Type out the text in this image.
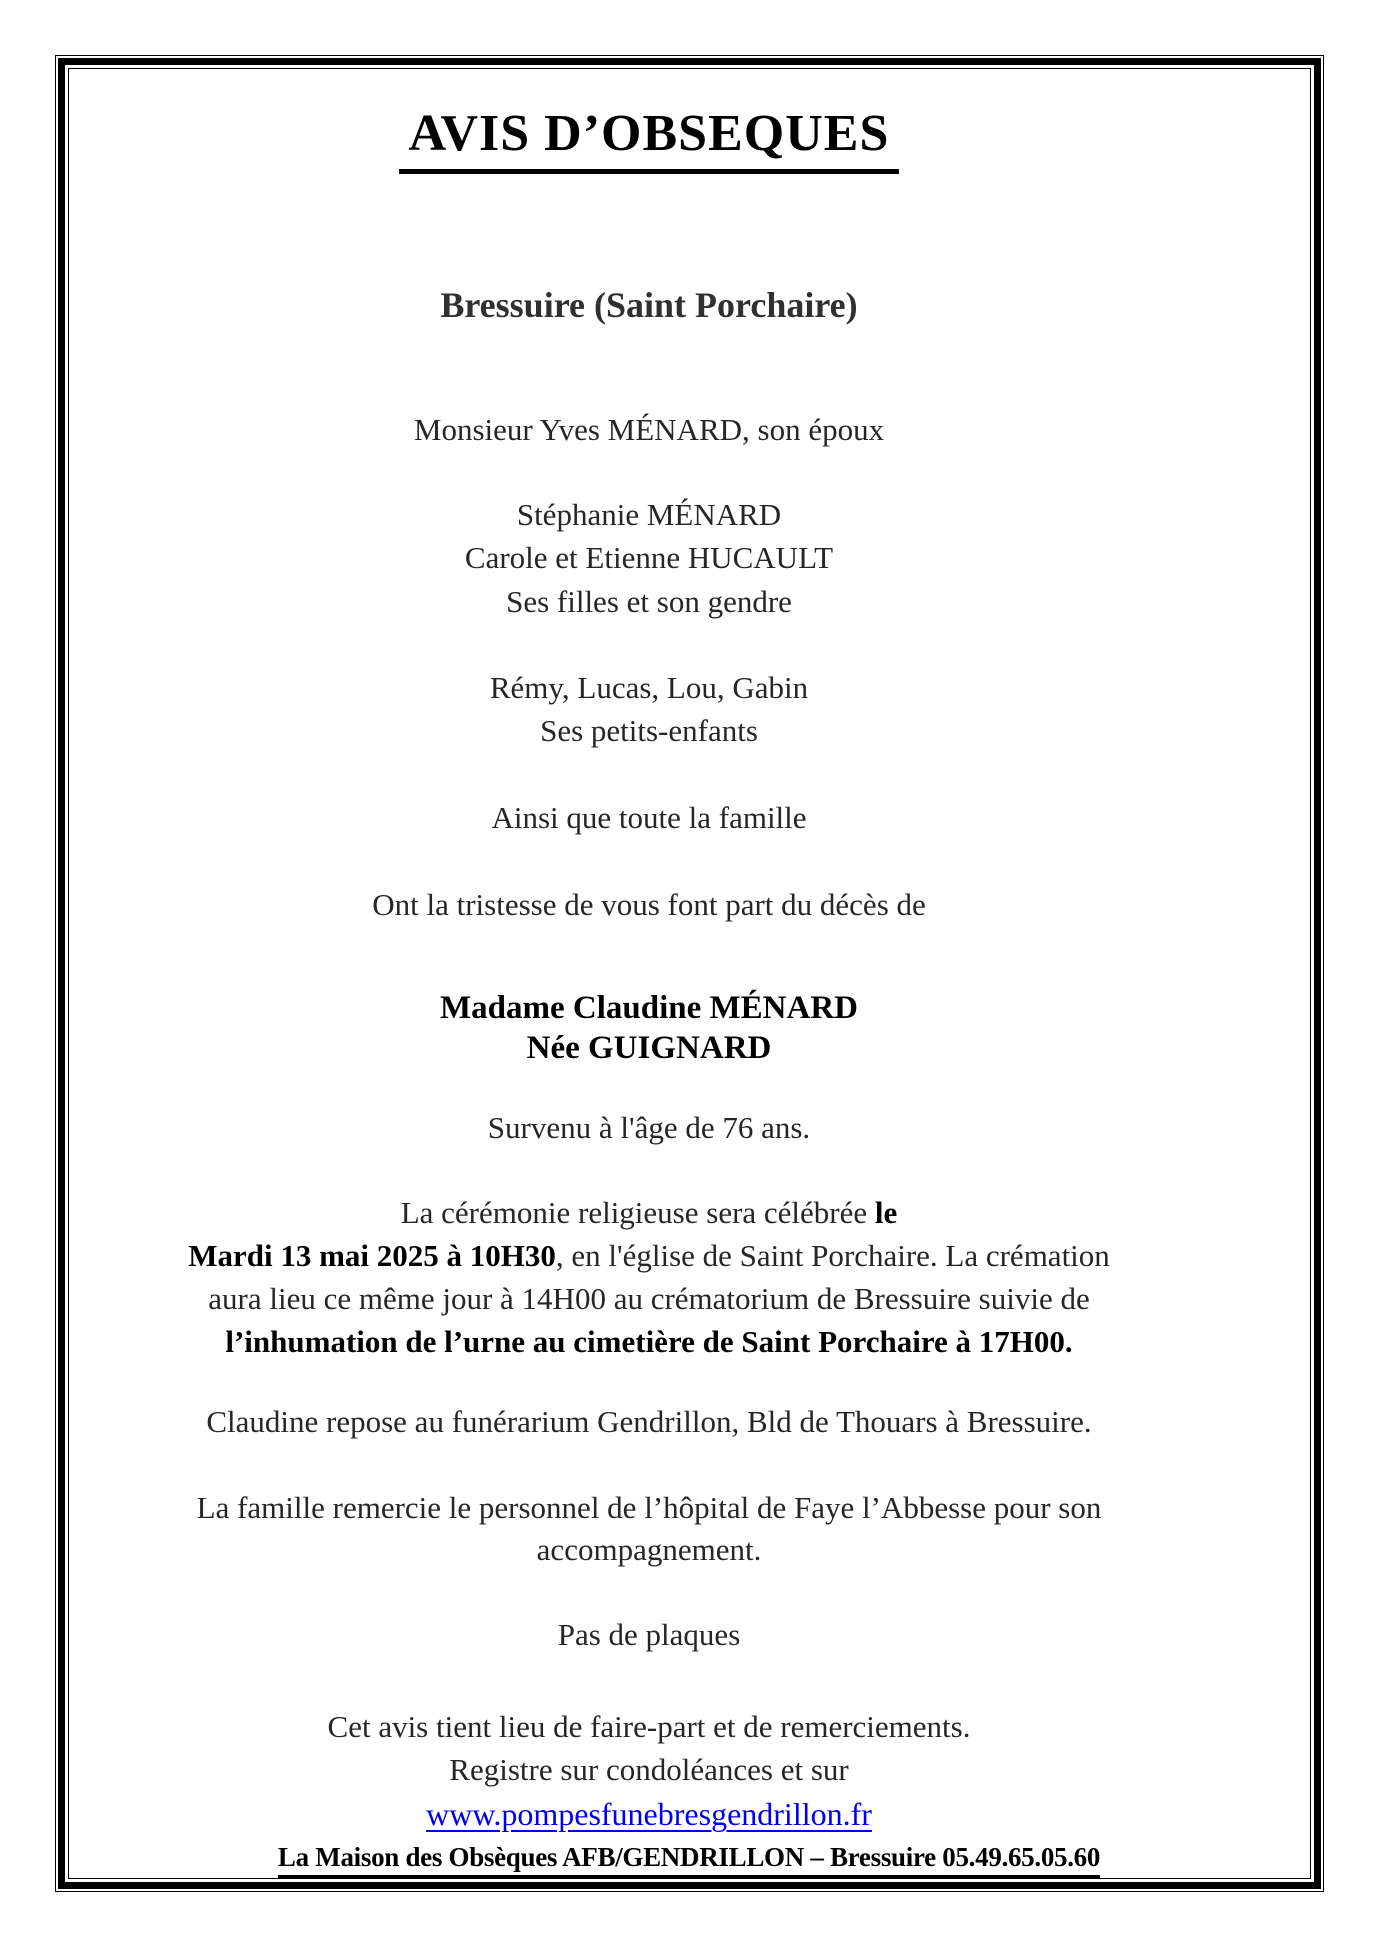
AVIS D’OBSEQUES
Bressuire (Saint Porchaire)
Monsieur Yves MÉNARD, son époux
Stéphanie MÉNARD
Carole et Etienne HUCAULT
Ses filles et son gendre
Rémy, Lucas, Lou, Gabin
Ses petits-enfants
Ainsi que toute la famille
Ont la tristesse de vous font part du décès de
Madame Claudine MÉNARD
Née GUIGNARD
Survenu à l'âge de 76 ans.
La cérémonie religieuse sera célébrée le
Mardi 13 mai 2025 à 10H30, en l'église de Saint Porchaire. La crémation
aura lieu ce même jour à 14H00 au crématorium de Bressuire suivie de
l’inhumation de l’urne au cimetière de Saint Porchaire à 17H00.
Claudine repose au funérarium Gendrillon, Bld de Thouars à Bressuire.
La famille remercie le personnel de l’hôpital de Faye l’Abbesse pour son
accompagnement.
Pas de plaques
Cet avis tient lieu de faire-part et de remerciements.
Registre sur condoléances et sur
www.pompesfunebresgendrillon.fr
La Maison des Obsèques AFB/GENDRILLON – Bressuire 05.49.65.05.60
